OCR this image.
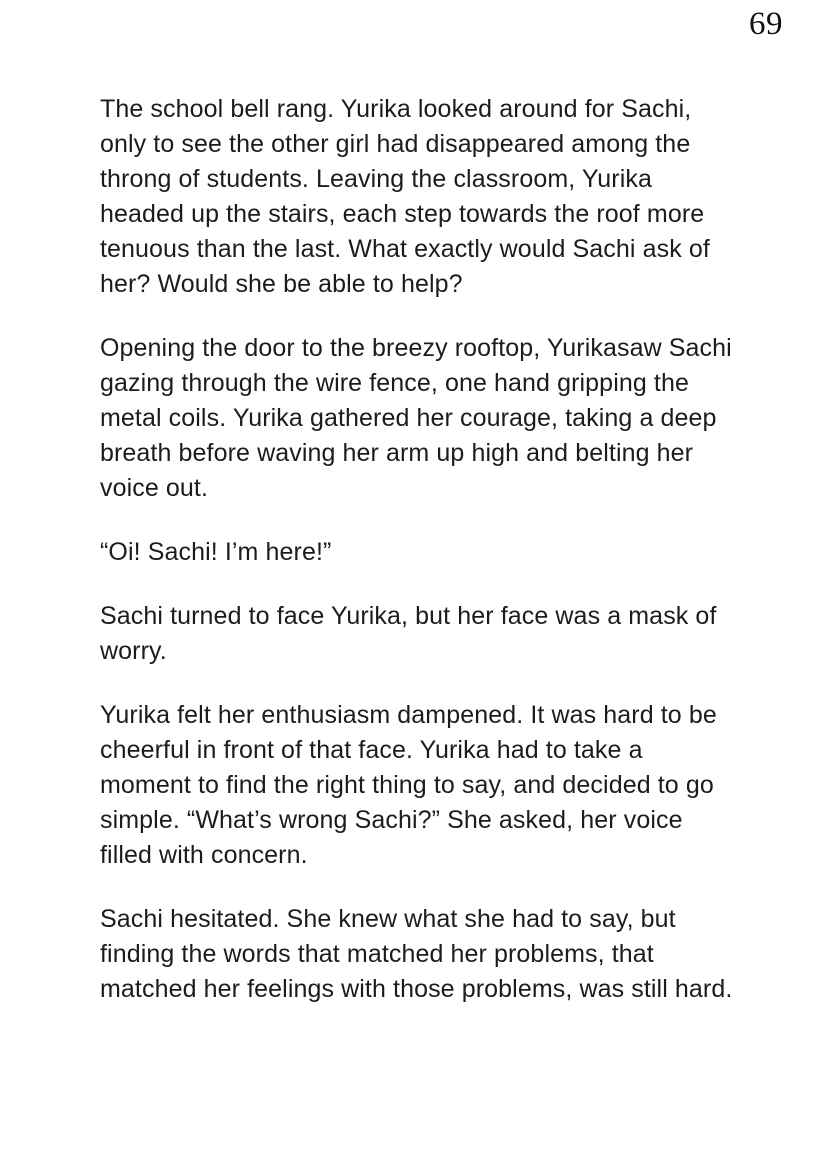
69

The school bell rang. Yurika looked around for Sachi, only to see the other girl had disappeared among the throng of students. Leaving the classroom, Yurika headed up the stairs, each step towards the roof more tenuous than the last. What exactly would Sachi ask of her? Would she be able to help?

Opening the door to the breezy rooftop, Yurikasaw Sachi gazing through the wire fence, one hand gripping the metal coils. Yurika gathered her courage, taking a deep breath before waving her arm up high and belting her voice out.

“Oi! Sachi! I’m here!”

Sachi turned to face Yurika, but her face was a mask of worry.

Yurika felt her enthusiasm dampened. It was hard to be cheerful in front of that face. Yurika had to take a moment to find the right thing to say, and decided to go simple. “What’s wrong Sachi?” She asked, her voice filled with concern.

Sachi hesitated. She knew what she had to say, but finding the words that matched her problems, that matched her feelings with those problems, was still hard.
